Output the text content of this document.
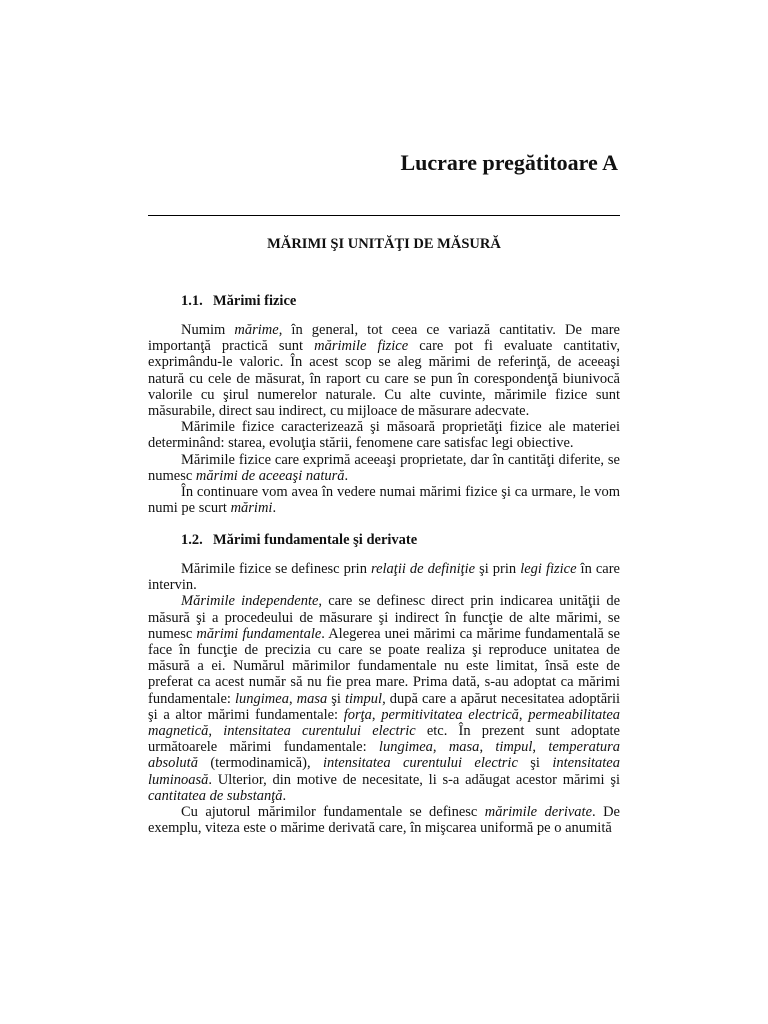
Lucrare pregătitoare A
MĂRIMI ŞI UNITĂŢI DE MĂSURĂ
1.1. Mărimi fizice

Numim mărime, în general, tot ceea ce variază cantitativ. De mare importanţă practică sunt mărimile fizice care pot fi evaluate cantitativ, exprimându-le valoric. În acest scop se aleg mărimi de referinţă, de aceeaşi natură cu cele de măsurat, în raport cu care se pun în corespondenţă biunivocă valorile cu şirul numerelor naturale. Cu alte cuvinte, mărimile fizice sunt măsurabile, direct sau indirect, cu mijloace de măsurare adecvate.

Mărimile fizice caracterizează şi măsoară proprietăţi fizice ale materiei determinând: starea, evoluţia stării, fenomene care satisfac legi obiective.

Mărimile fizice care exprimă aceeaşi proprietate, dar în cantităţi diferite, se numesc mărimi de aceeaşi natură.

În continuare vom avea în vedere numai mărimi fizice şi ca urmare, le vom numi pe scurt mărimi.

1.2. Mărimi fundamentale şi derivate

Mărimile fizice se definesc prin relaţii de definiţie şi prin legi fizice în care intervin.

Mărimile independente, care se definesc direct prin indicarea unităţii de măsură şi a procedeului de măsurare şi indirect în funcţie de alte mărimi, se numesc mărimi fundamentale. Alegerea unei mărimi ca mărime fundamentală se face în funcţie de precizia cu care se poate realiza şi reproduce unitatea de măsură a ei. Numărul mărimilor fundamentale nu este limitat, însă este de preferat ca acest număr să nu fie prea mare. Prima dată, s-au adoptat ca mărimi fundamentale: lungimea, masa şi timpul, după care a apărut necesitatea adoptării şi a altor mărimi fundamentale: forţa, permitivitatea electrică, permeabilitatea magnetică, intensitatea curentului electric etc. În prezent sunt adoptate următoarele mărimi fundamentale: lungimea, masa, timpul, temperatura absolută (termodinamică), intensitatea curentului electric şi intensitatea luminoasă. Ulterior, din motive de necesitate, li s-a adăugat acestor mărimi şi cantitatea de substanţă.

Cu ajutorul mărimilor fundamentale se definesc mărimile derivate. De exemplu, viteza este o mărime derivată care, în mişcarea uniformă pe o anumită
